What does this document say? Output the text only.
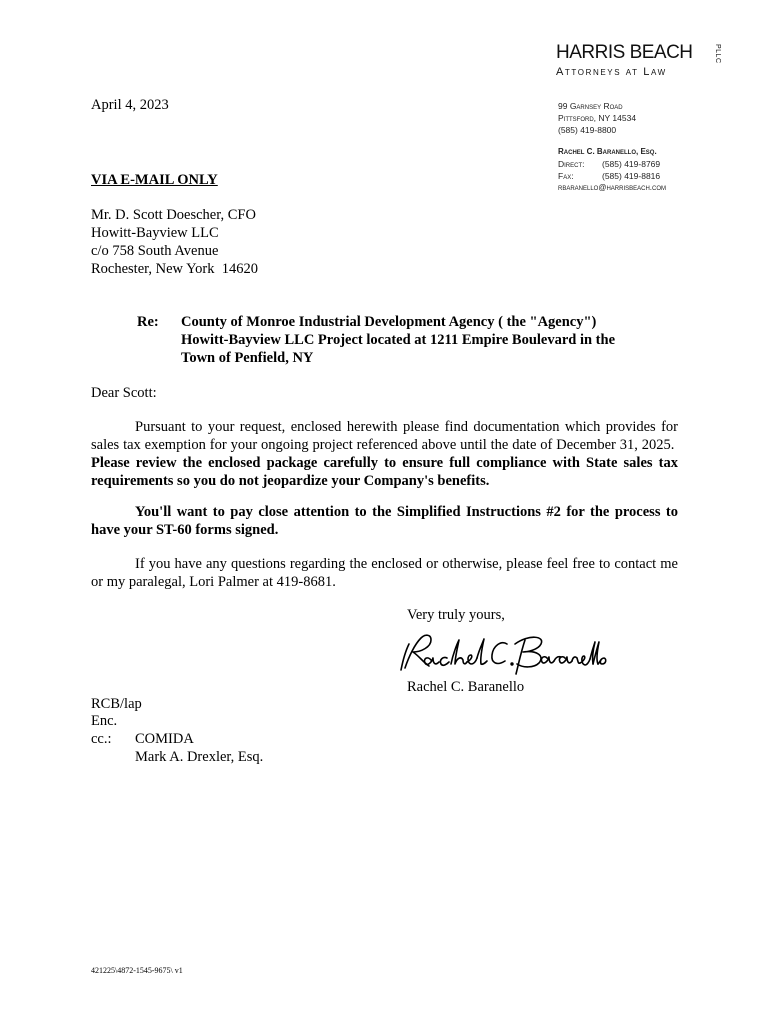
HARRIS BEACH	PLLC
Attorneys at Law
99 Garnsey Road
Pittsford, NY 14534
(585) 419-8800
Rachel C. Baranello, Esq.
Direct: (585) 419-8769
Fax:	(585) 419-8816
rbaranello@harrisbeach.com
April 4, 2023
VIA E-MAIL ONLY
Mr. D. Scott Doescher, CFO
Howitt-Bayview LLC
c/o 758 South Avenue
Rochester, New York  14620
Re: County of Monroe Industrial Development Agency ( the "Agency")
Howitt-Bayview LLC Project located at 1211 Empire Boulevard in the
Town of Penfield, NY
Dear Scott:
Pursuant to your request, enclosed herewith please find documentation which provides for sales tax exemption for your ongoing project referenced above until the date of December 31, 2025.  Please review the enclosed package carefully to ensure full compliance with State sales tax requirements so you do not jeopardize your Company's benefits.
You'll want to pay close attention to the Simplified Instructions #2 for the process to have your ST-60 forms signed.
If you have any questions regarding the enclosed or otherwise, please feel free to contact me or my paralegal, Lori Palmer at 419-8681.
Very truly yours,
Rachel C. Baranello
RCB/lap
Enc.
cc.: COMIDA
Mark A. Drexler, Esq.
421225\4872-1545-9675\ v1
